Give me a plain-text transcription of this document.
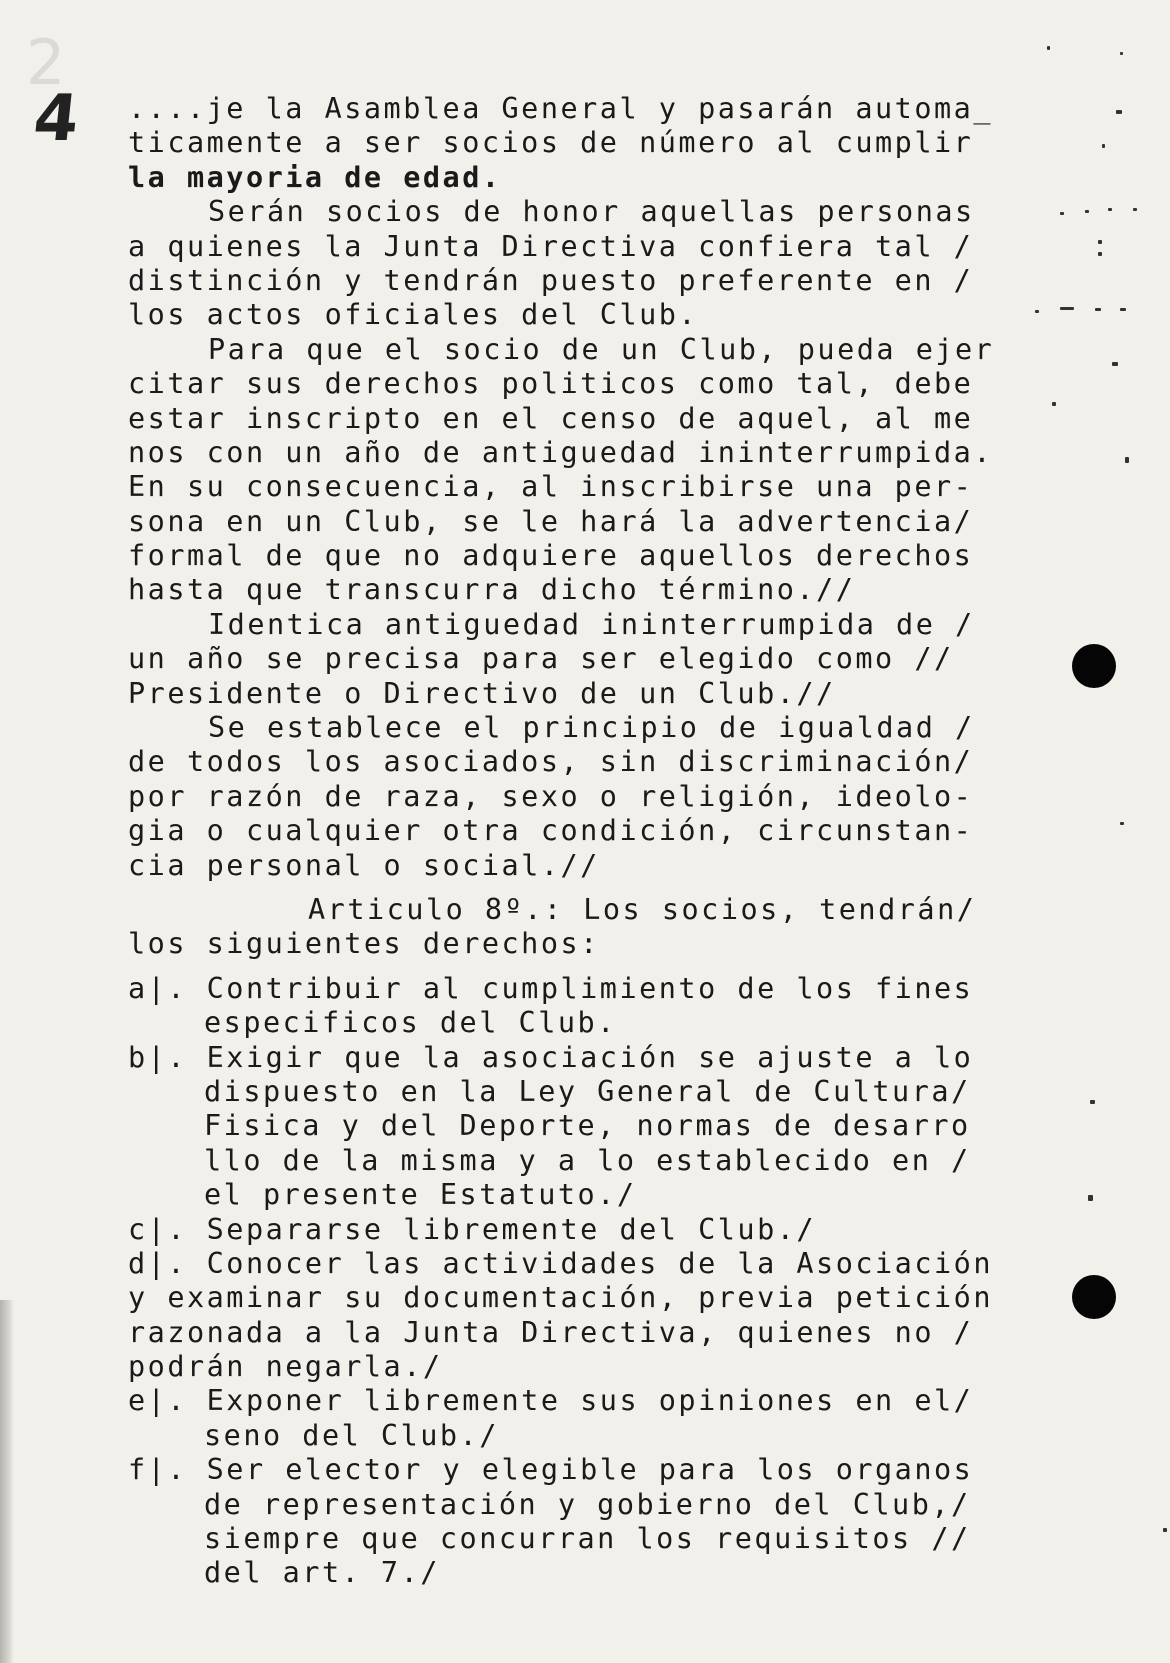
2
4 ....je la Asamblea General y pasarán automa_
ticamente a ser socios de número al cumplir
la mayoria de edad.
Serán socios de honor aquellas personas
a quienes la Junta Directiva confiera tal /
distinción y tendrán puesto preferente en /
los actos oficiales del Club.
Para que el socio de un Club, pueda ejer
citar sus derechos politicos como tal, debe
estar inscripto en el censo de aquel, al me
nos con un año de antiguedad ininterrumpida.
En su consecuencia, al inscribirse una per-
sona en un Club, se le hará la advertencia/
formal de que no adquiere aquellos derechos
hasta que transcurra dicho término.//
Identica antiguedad ininterrumpida de /
un año se precisa para ser elegido como //
Presidente o Directivo de un Club.//
Se establece el principio de igualdad /
de todos los asociados, sin discriminación/
por razón de raza, sexo o religión, ideolo-
gia o cualquier otra condición, circunstan-
cia personal o social.//
Articulo 8º.: Los socios, tendrán/
los siguientes derechos:
a|. Contribuir al cumplimiento de los fines
especificos del Club.
b|. Exigir que la asociación se ajuste a lo
dispuesto en la Ley General de Cultura/
Fisica y del Deporte, normas de desarro
llo de la misma y a lo establecido en /
el presente Estatuto./
c|. Separarse libremente del Club./
d|. Conocer las actividades de la Asociación
y examinar su documentación, previa petición
razonada a la Junta Directiva, quienes no /
podrán negarla./
e|. Exponer libremente sus opiniones en el/
seno del Club./
f|. Ser elector y elegible para los organos
de representación y gobierno del Club,/
siempre que concurran los requisitos //
del art. 7./
